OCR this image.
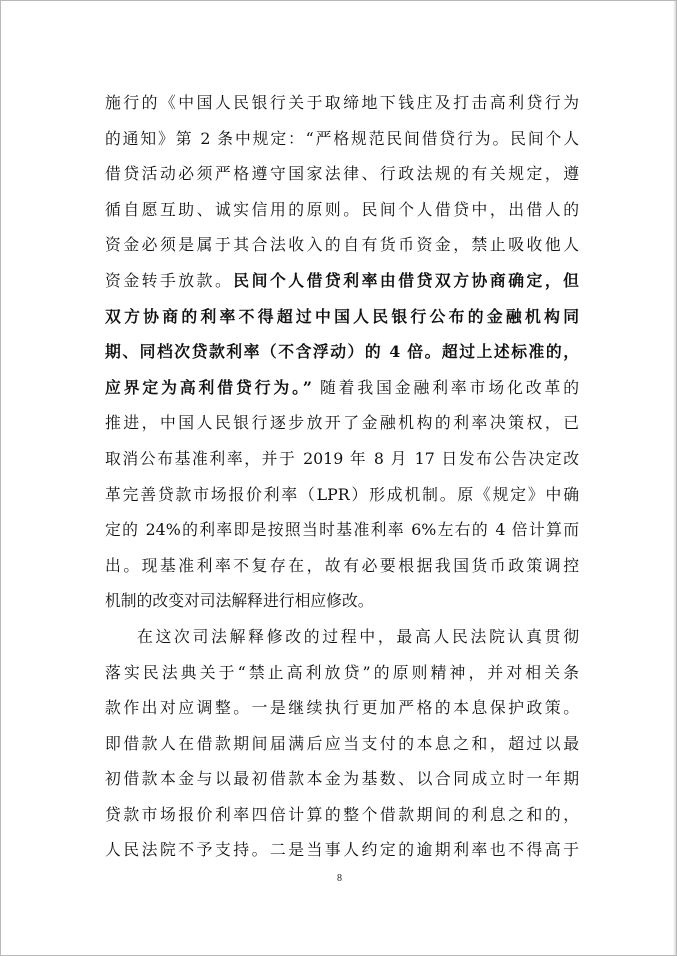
施行的《中国人民银行关于取缔地下钱庄及打击高利贷行为
的通知》第 2 条中规定：“严格规范民间借贷行为。民间个人
借贷活动必须严格遵守国家法律、行政法规的有关规定，遵
循自愿互助、诚实信用的原则。民间个人借贷中，出借人的
资金必须是属于其合法收入的自有货币资金，禁止吸收他人
资金转手放款。民间个人借贷利率由借贷双方协商确定，但
双方协商的利率不得超过中国人民银行公布的金融机构同
期、同档次贷款利率（不含浮动）的 4 倍。超过上述标准的，
应界定为高利借贷行为。” 随着我国金融利率市场化改革的
推进，中国人民银行逐步放开了金融机构的利率决策权，已
取消公布基准利率，并于 2019 年 8 月 17 日发布公告决定改
革完善贷款市场报价利率（LPR）形成机制。原《规定》中确
定的 24%的利率即是按照当时基准利率 6%左右的 4 倍计算而
出。现基准利率不复存在，故有必要根据我国货币政策调控
机制的改变对司法解释进行相应修改。
在这次司法解释修改的过程中，最高人民法院认真贯彻
落实民法典关于“禁止高利放贷”的原则精神，并对相关条
款作出对应调整。一是继续执行更加严格的本息保护政策。
即借款人在借款期间届满后应当支付的本息之和，超过以最
初借款本金与以最初借款本金为基数、以合同成立时一年期
贷款市场报价利率四倍计算的整个借款期间的利息之和的，
人民法院不予支持。二是当事人约定的逾期利率也不得高于
8
